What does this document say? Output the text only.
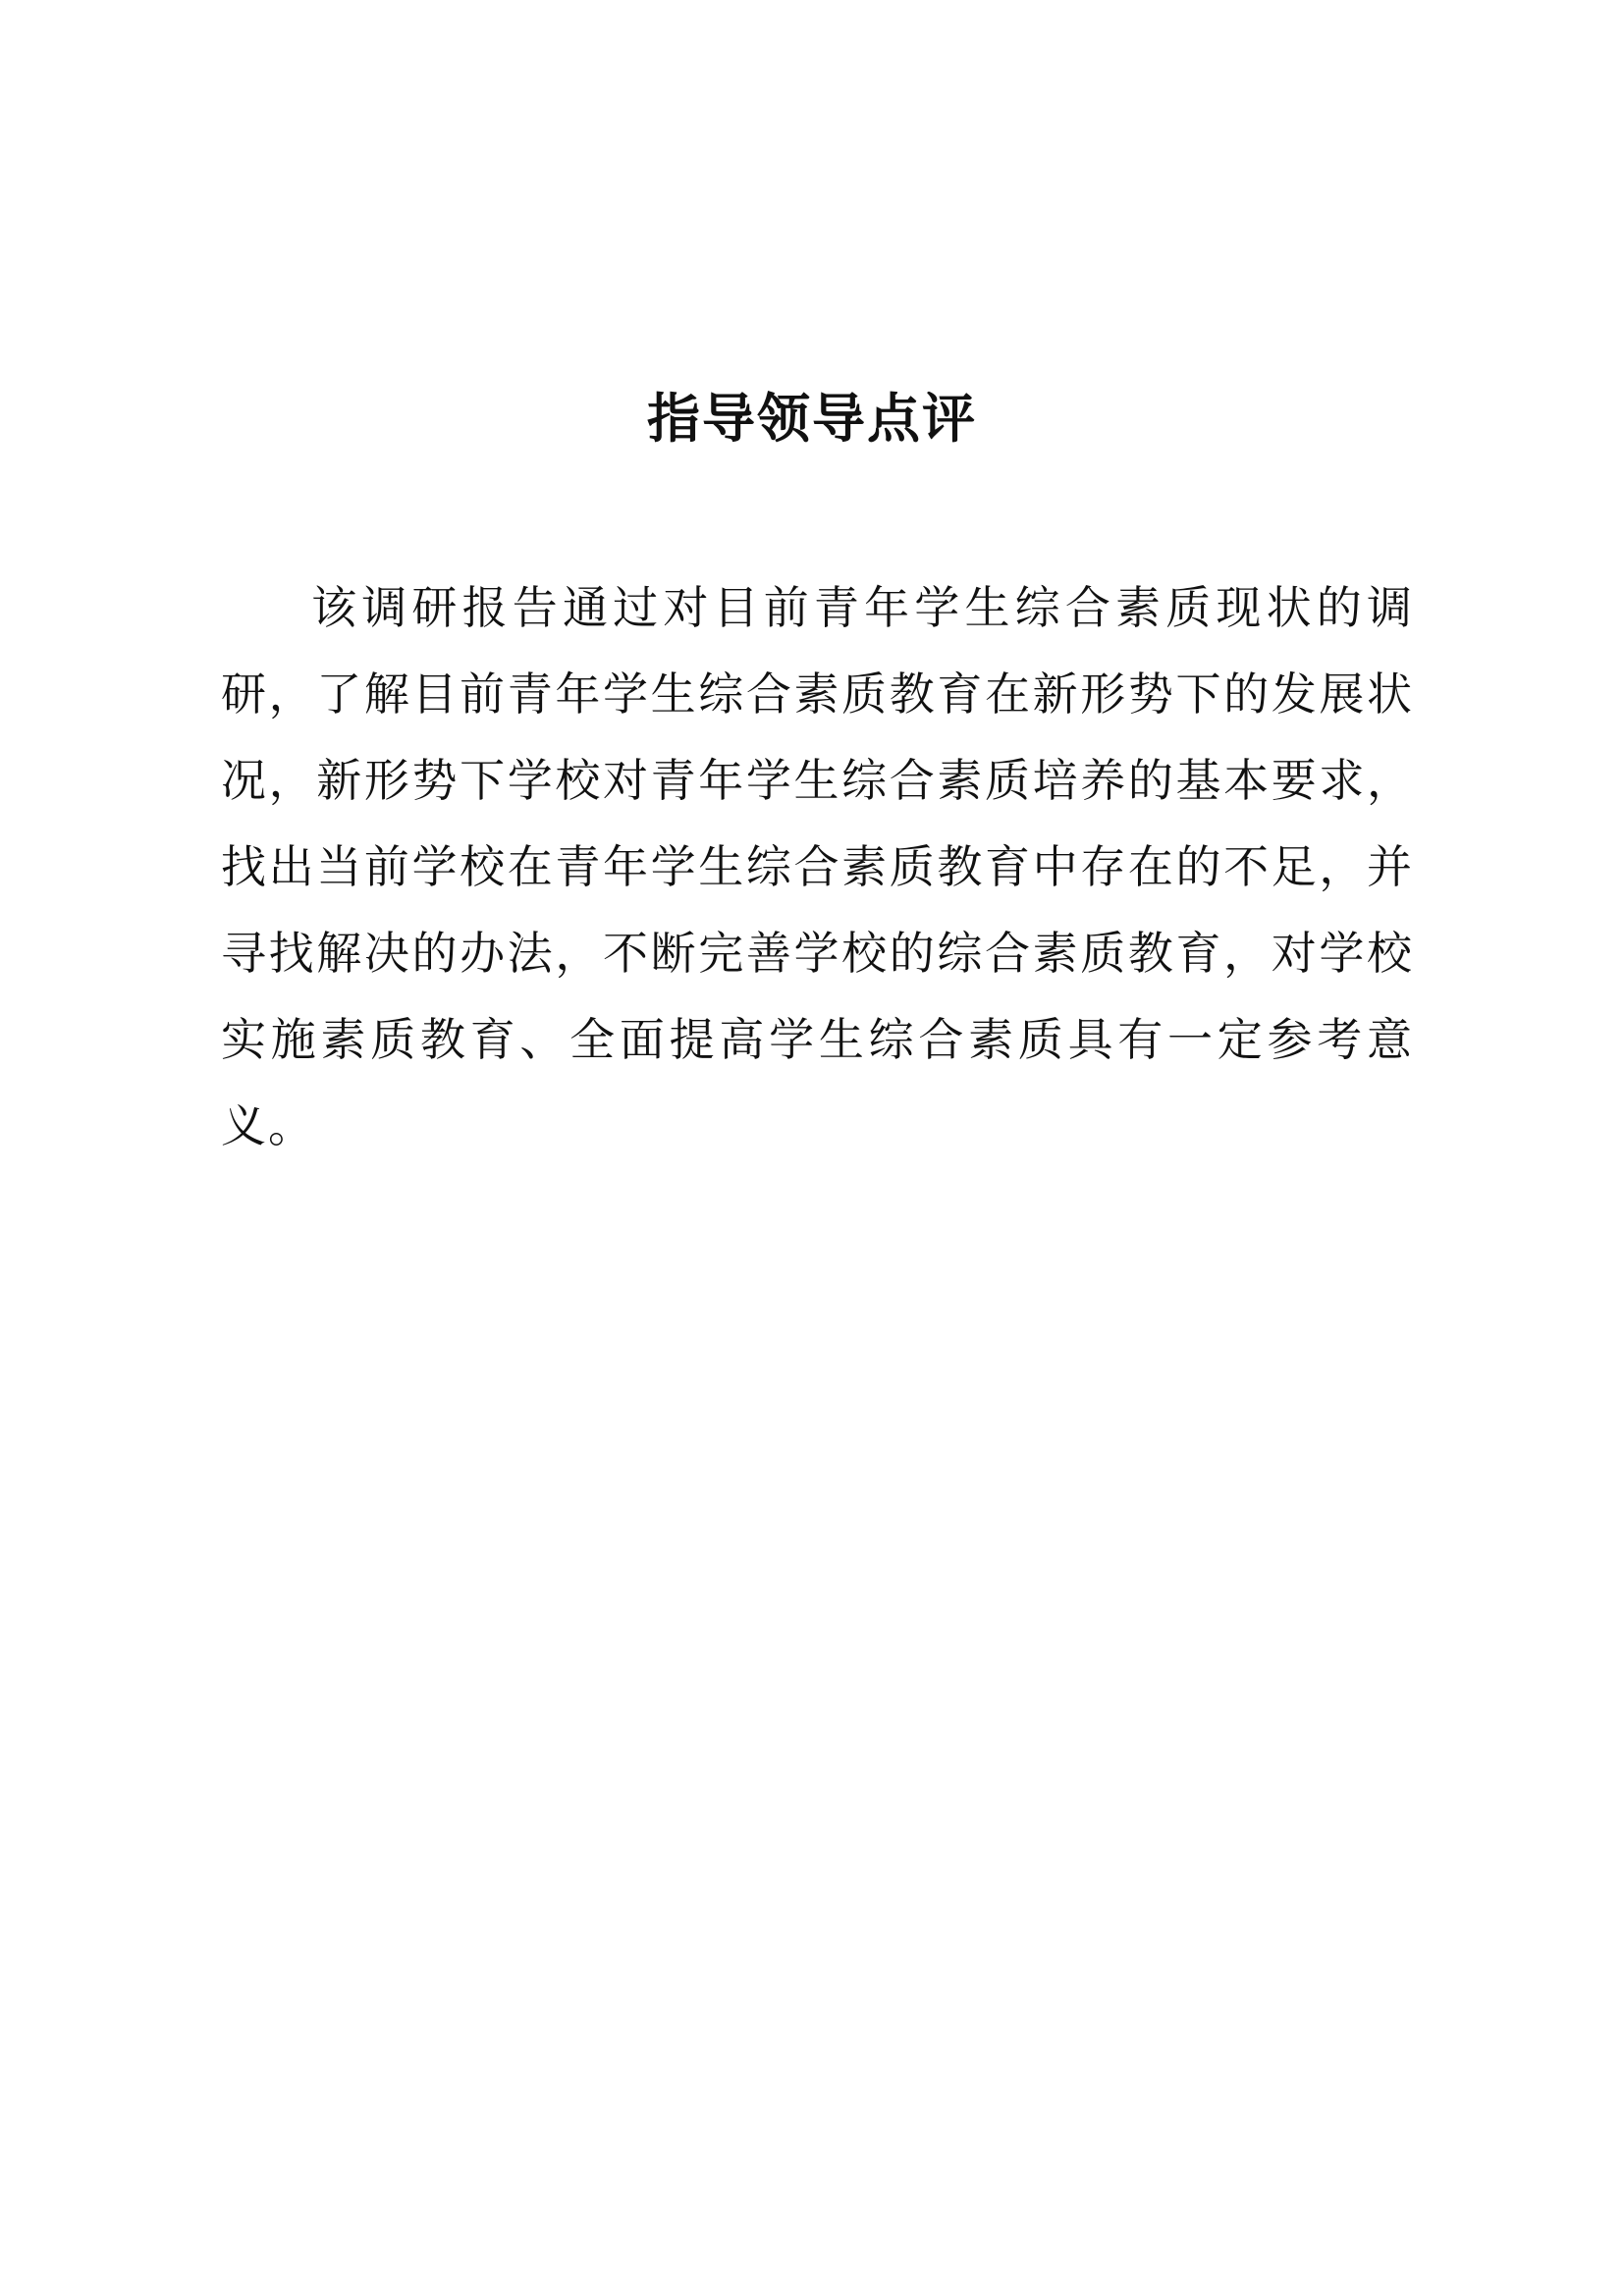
指导领导点评

该调研报告通过对目前青年学生综合素质现状的调研，了解目前青年学生综合素质教育在新形势下的发展状况，新形势下学校对青年学生综合素质培养的基本要求，找出当前学校在青年学生综合素质教育中存在的不足，并寻找解决的办法，不断完善学校的综合素质教育，对学校实施素质教育、全面提高学生综合素质具有一定参考意义。
